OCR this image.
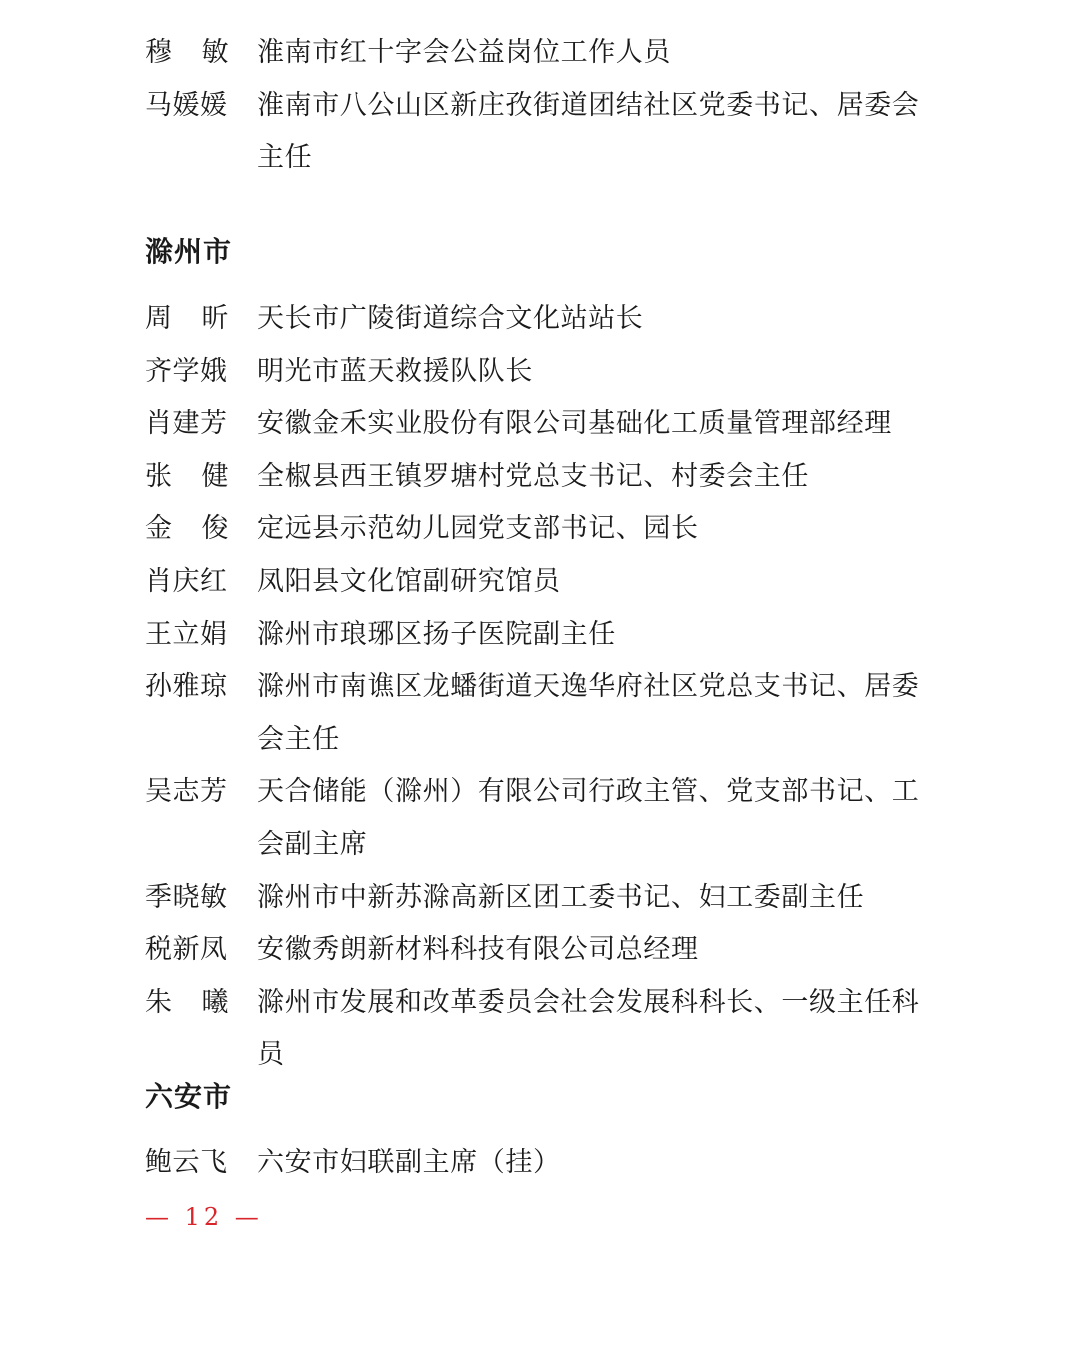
穆 敏 淮南市红十字会公益岗位工作人员
马媛媛	淮南市八公山区新庄孜街道团结社区党委书记、居委会主任
滁州市
周 昕 天长市广陵街道综合文化站站长
齐学娥	明光市蓝天救援队队长
肖建芳	安徽金禾实业股份有限公司基础化工质量管理部经理
张 健 全椒县西王镇罗塘村党总支书记、村委会主任
金 俊 定远县示范幼儿园党支部书记、园长
肖庆红	凤阳县文化馆副研究馆员
王立娟	滁州市琅琊区扬子医院副主任
孙雅琼	滁州市南谯区龙蟠街道天逸华府社区党总支书记、居委会主任
吴志芳	天合储能（滁州）有限公司行政主管、党支部书记、工会副主席
季晓敏	滁州市中新苏滁高新区团工委书记、妇工委副主任
税新凤	安徽秀朗新材料科技有限公司总经理
朱 曦 滁州市发展和改革委员会社会发展科科长、一级主任科员
六安市
鲍云飞	六安市妇联副主席（挂）
— 12 —
